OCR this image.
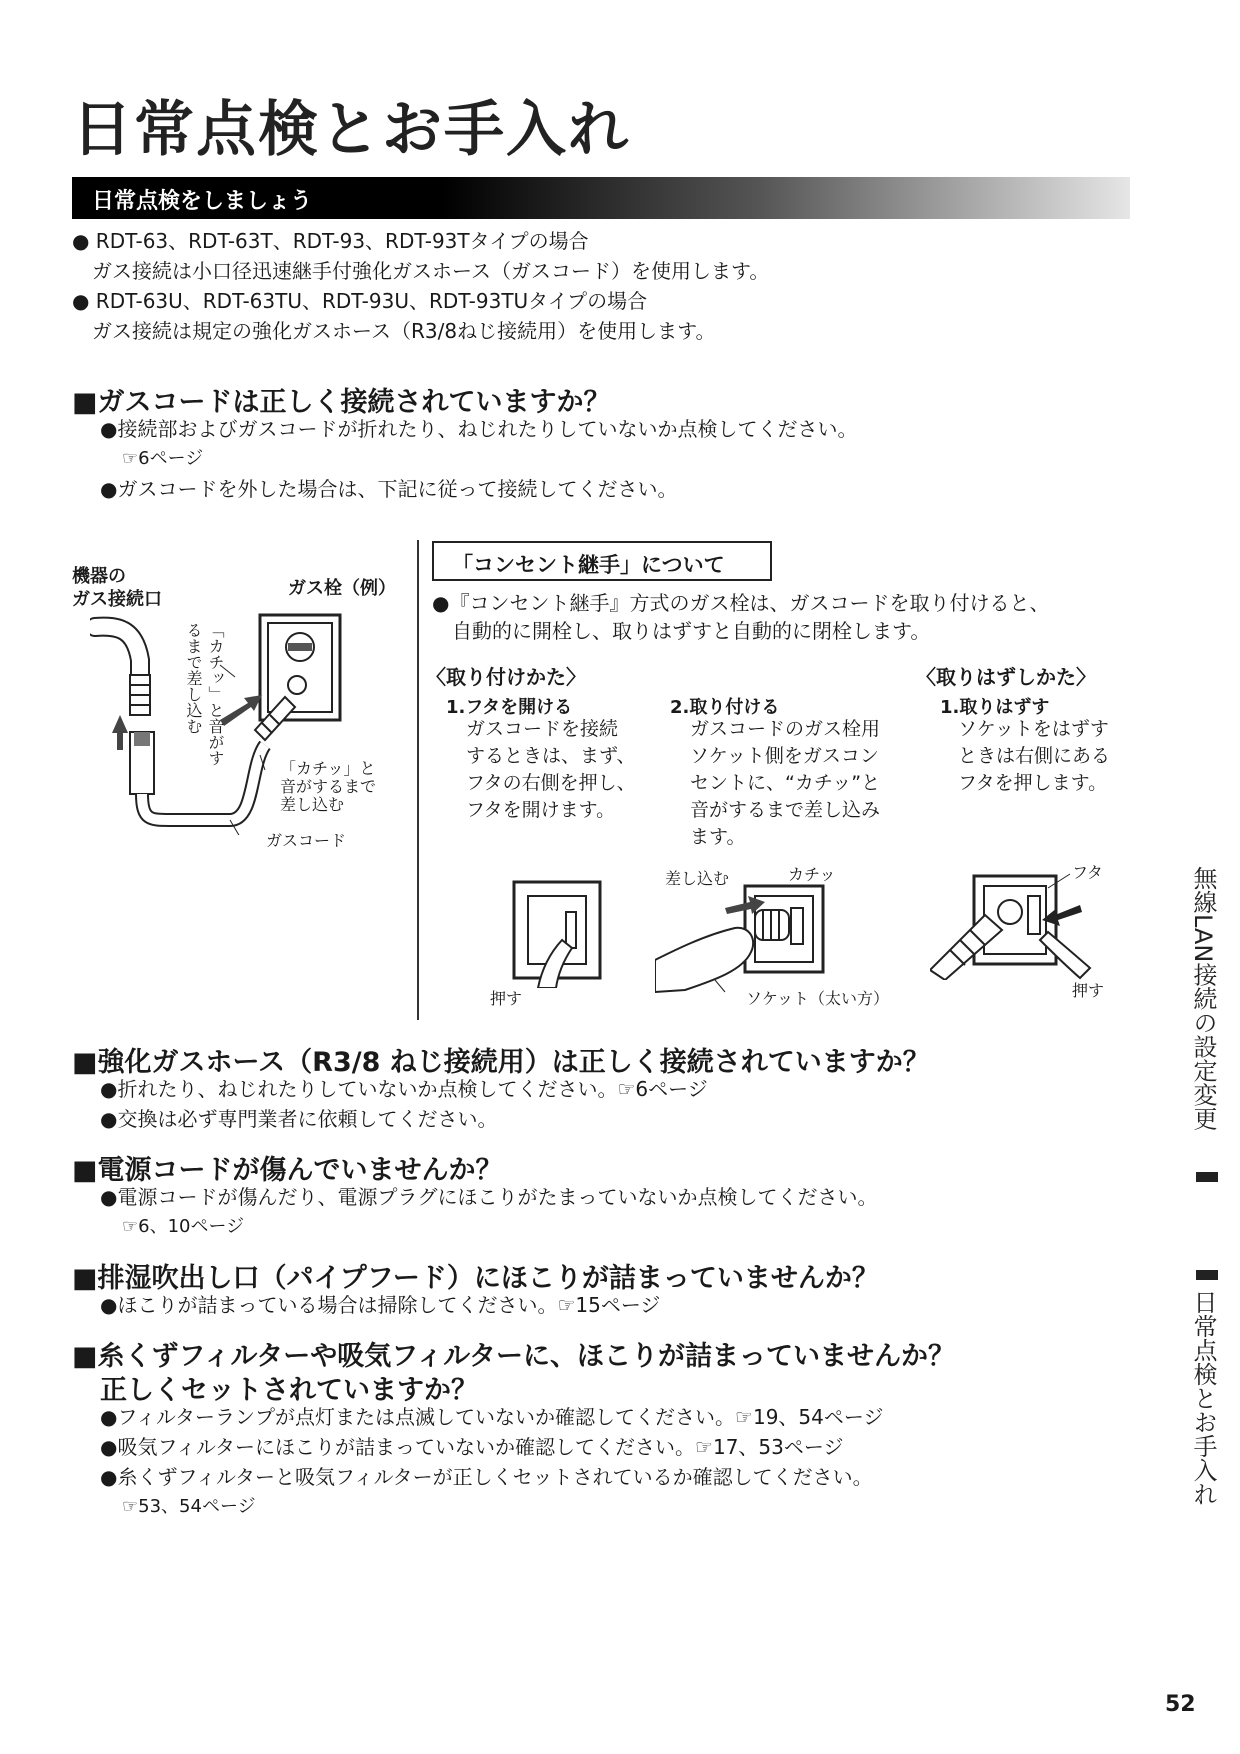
日常点検とお手入れ
日常点検をしましょう
● RDT-63、RDT-63T、RDT-93、RDT-93Tタイプの場合
ガス接続は小口径迅速継手付強化ガスホース（ガスコード）を使用します。
● RDT-63U、RDT-63TU、RDT-93U、RDT-93TUタイプの場合
ガス接続は規定の強化ガスホース（R3/8ねじ接続用）を使用します。
■ガスコードは正しく接続されていますか？
●接続部およびガスコードが折れたり、ねじれたりしていないか点検してください。
☞6ページ
●ガスコードを外した場合は、下記に従って接続してください。
機器の
ガス接続口
ガス栓（例）
「カチッ」と音がするまで差し込む
「カチッ」と
音がするまで
差し込む
ガスコード
「コンセント継手」について
●『コンセント継手』方式のガス栓は、ガスコードを取り付けると、
自動的に開栓し、取りはずすと自動的に閉栓します。
〈取り付けかた〉	〈取りはずしかた〉
1.フタを開ける
ガスコードを接続
するときは、まず、
フタの右側を押し、
フタを開けます。
2.取り付ける
ガスコードのガス栓用
ソケット側をガスコン
セントに、“カチッ”と
音がするまで差し込み
ます。
1.取りはずす
ソケットをはずす
ときは右側にある
フタを押します。
押す
差し込む	カチッ
ソケット（太い方）
フタ
押す
■強化ガスホース（R3/8 ねじ接続用）は正しく接続されていますか？
●折れたり、ねじれたりしていないか点検してください。☞6ページ
●交換は必ず専門業者に依頼してください。
■電源コードが傷んでいませんか？
●電源コードが傷んだり、電源プラグにほこりがたまっていないか点検してください。
☞6、10ページ
■排湿吹出し口（パイプフード）にほこりが詰まっていませんか？
●ほこりが詰まっている場合は掃除してください。☞15ページ
■糸くずフィルターや吸気フィルターに、ほこりが詰まっていませんか？
正しくセットされていますか？
●フィルターランプが点灯または点滅していないか確認してください。☞19、54ページ
●吸気フィルターにほこりが詰まっていないか確認してください。☞17、53ページ
●糸くずフィルターと吸気フィルターが正しくセットされているか確認してください。
☞53、54ページ
無線LAN接続の設定変更
日常点検とお手入れ
52
